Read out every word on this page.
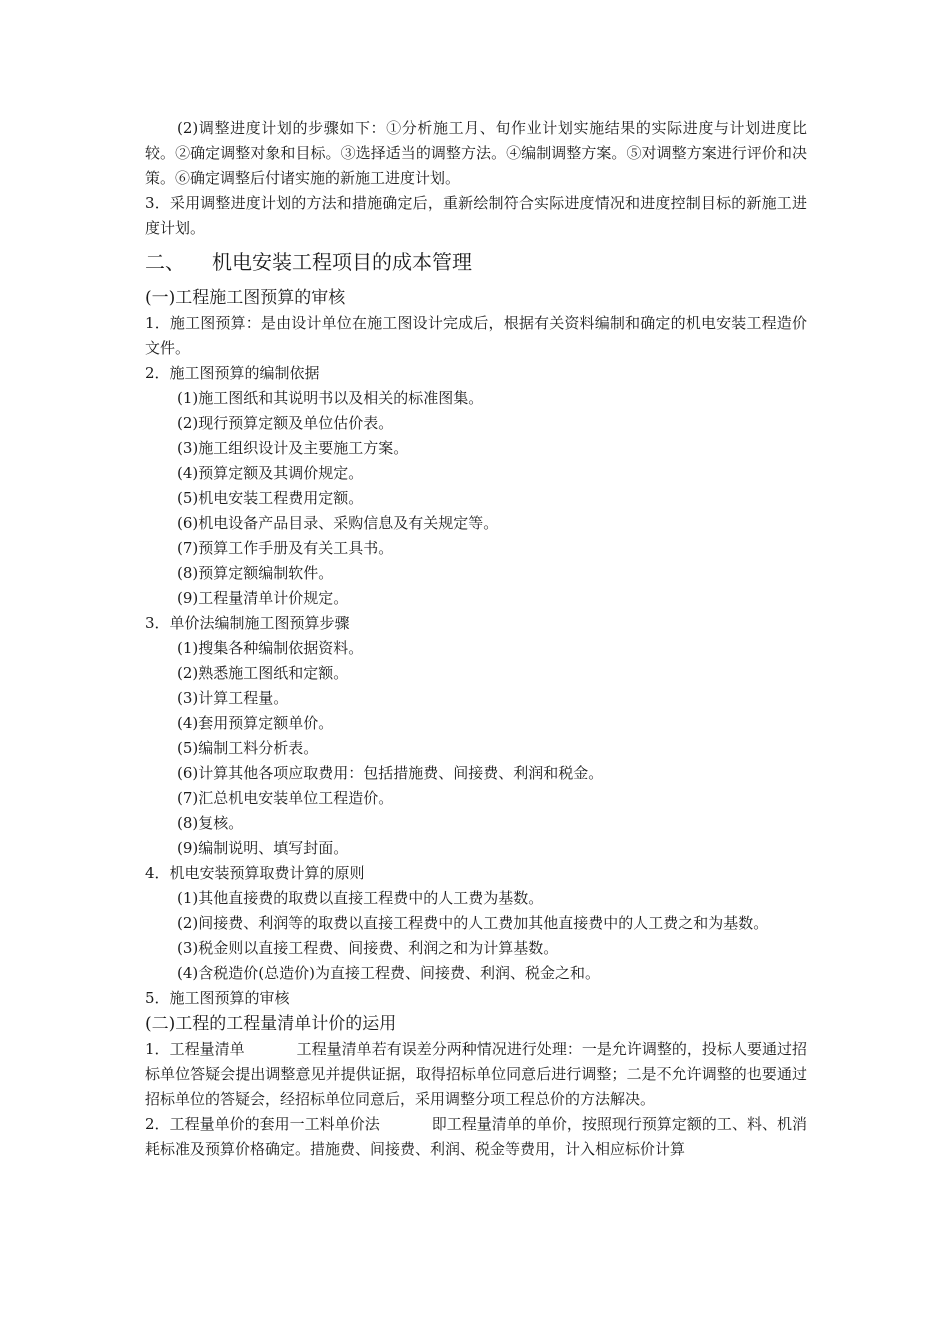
(2)调整进度计划的步骤如下：①分析施工月、旬作业计划实施结果的实际进度与计划进度比较。②确定调整对象和目标。③选择适当的调整方法。④编制调整方案。⑤对调整方案进行评价和决策。⑥确定调整后付诸实施的新施工进度计划。

3．采用调整进度计划的方法和措施确定后，重新绘制符合实际进度情况和进度控制目标的新施工进度计划。

二、	机电安装工程项目的成本管理

(一)工程施工图预算的审核

1．施工图预算：是由设计单位在施工图设计完成后，根据有关资料编制和确定的机电安装工程造价文件。

2．施工图预算的编制依据

(1)施工图纸和其说明书以及相关的标准图集。
(2)现行预算定额及单位估价表。
(3)施工组织设计及主要施工方案。
(4)预算定额及其调价规定。
(5)机电安装工程费用定额。
(6)机电设备产品目录、采购信息及有关规定等。
(7)预算工作手册及有关工具书。
(8)预算定额编制软件。
(9)工程量清单计价规定。

3．单价法编制施工图预算步骤

(1)搜集各种编制依据资料。
(2)熟悉施工图纸和定额。
(3)计算工程量。
(4)套用预算定额单价。
(5)编制工料分析表。
(6)计算其他各项应取费用：包括措施费、间接费、利润和税金。
(7)汇总机电安装单位工程造价。
(8)复核。
(9)编制说明、填写封面。

4．机电安装预算取费计算的原则

(1)其他直接费的取费以直接工程费中的人工费为基数。

(2)间接费、利润等的取费以直接工程费中的人工费加其他直接费中的人工费之和为基数。

(3)税金则以直接工程费、间接费、利润之和为计算基数。
(4)含税造价(总造价)为直接工程费、间接费、利润、税金之和。

5．施工图预算的审核

(二)工程的工程量清单计价的运用

1．工程量清单	工程量清单若有误差分两种情况进行处理：一是允许调整的，投标人要通过招标单位答疑会提出调整意见并提供证据，取得招标单位同意后进行调整；二是不允许调整的也要通过招标单位的答疑会，经招标单位同意后，采用调整分项工程总价的方法解决。

2．工程量单价的套用一工料单价法	即工程量清单的单价，按照现行预算定额的工、料、机消耗标准及预算价格确定。措施费、间接费、利润、税金等费用，计入相应标价计算
